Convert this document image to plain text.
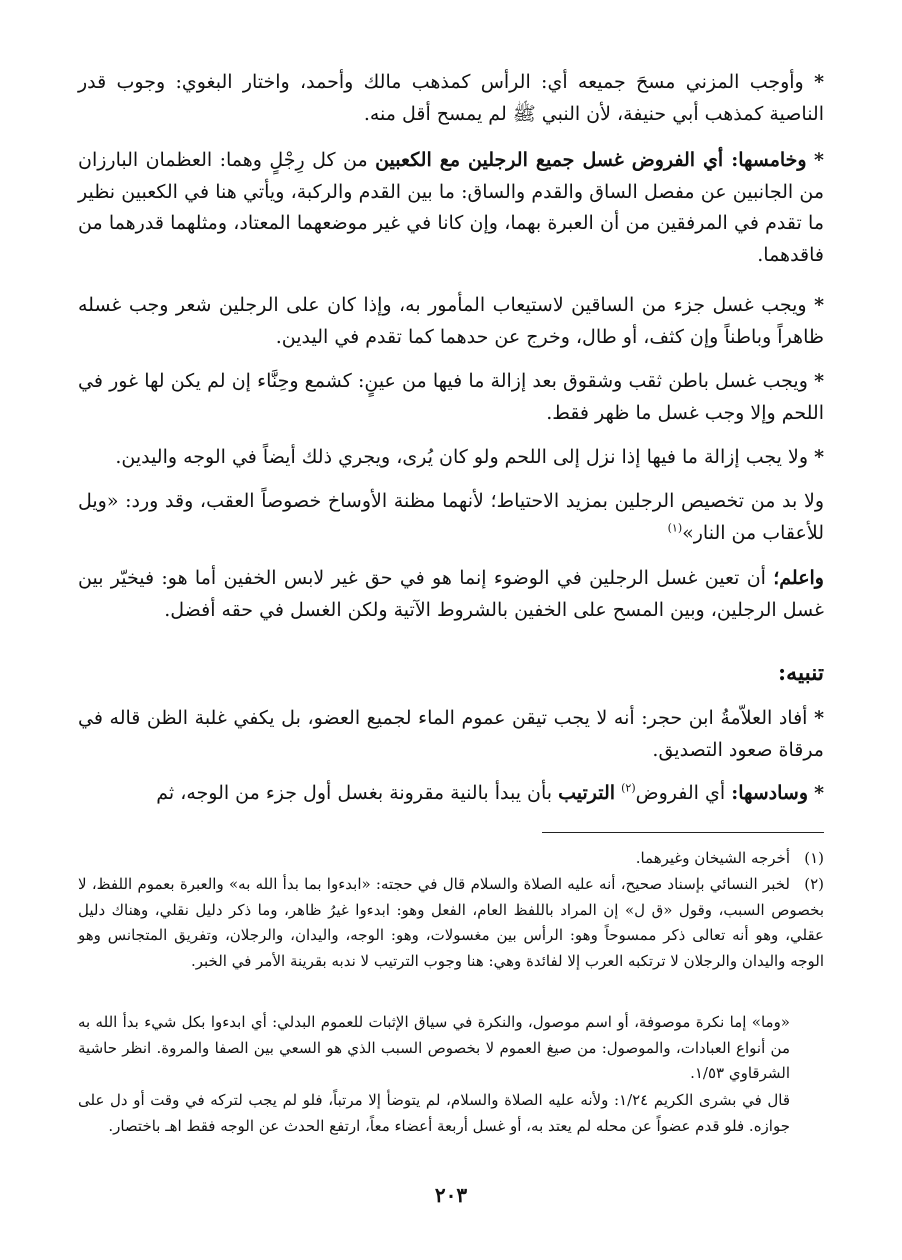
* وأوجب المزني مسحَ جميعه أي: الرأس كمذهب مالك وأحمد، واختار البغوي: وجوب قدر الناصية كمذهب أبي حنيفة، لأن النبي ﷺ لم يمسح أقل منه.

* وخامسها: أي الفروض غسل جميع الرجلين مع الكعبين من كل رِجْلٍ وهما: العظمان البارزان من الجانبين عن مفصل الساق والقدم والساق: ما بين القدم والركبة، ويأتي هنا في الكعبين نظير ما تقدم في المرفقين من أن العبرة بهما، وإن كانا في غير موضعهما المعتاد، ومثلهما قدرهما من فاقدهما.

* ويجب غسل جزء من الساقين لاستيعاب المأمور به، وإذا كان على الرجلين شعر وجب غسله ظاهراً وباطناً وإن كثف، أو طال، وخرج عن حدهما كما تقدم في اليدين.

* ويجب غسل باطن ثقب وشقوق بعد إزالة ما فيها من عينٍ: كشمع وحِنَّاء إن لم يكن لها غور في اللحم وإلا وجب غسل ما ظهر فقط.

* ولا يجب إزالة ما فيها إذا نزل إلى اللحم ولو كان يُرى، ويجري ذلك أيضاً في الوجه واليدين.

ولا بد من تخصيص الرجلين بمزيد الاحتياط؛ لأنهما مظنة الأوساخ خصوصاً العقب، وقد ورد: «ويل للأعقاب من النار»$^{(١)}$

واعلم؛ أن تعين غسل الرجلين في الوضوء إنما هو في حق غير لابس الخفين أما هو: فيخيّر بين غسل الرجلين، وبين المسح على الخفين بالشروط الآتية ولكن الغسل في حقه أفضل.

تنبيه:

* أفاد العلاّمةُ ابن حجر: أنه لا يجب تيقن عموم الماء لجميع العضو، بل يكفي غلبة الظن قاله في مرقاة صعود التصديق.

* وسادسها: أي الفروض$^{(٢)}$ الترتيب بأن يبدأ بالنية مقرونة بغسل أول جزء من الوجه، ثم

(١)أخرجه الشيخان وغيرهما.
(٢)لخبر النسائي بإسناد صحيح، أنه عليه الصلاة والسلام قال في حجته: «ابدءوا بما بدأ الله به» والعبرة بعموم اللفظ، لا بخصوص السبب، وقول «ق ل» إن المراد باللفظ العام، الفعل وهو: ابدءوا غيرُ ظاهر، وما ذكر دليل نقلي، وهناك دليل عقلي، وهو أنه تعالى ذكر ممسوحاً وهو: الرأس بين مغسولات، وهو: الوجه، واليدان، والرجلان، وتفريق المتجانس وهو الوجه واليدان والرجلان لا ترتكبه العرب إلا لفائدة وهي: هنا وجوب الترتيب لا ندبه بقرينة الأمر في الخبر.
«وما» إما نكرة موصوفة، أو اسم موصول، والنكرة في سياق الإثبات للعموم البدلي: أي ابدءوا بكل شيء بدأ الله به من أنواع العبادات، والموصول: من صيغ العموم لا بخصوص السبب الذي هو السعي بين الصفا والمروة. انظر حاشية الشرقاوي ١/٥٣.
قال في بشرى الكريم ١/٢٤: ولأنه عليه الصلاة والسلام، لم يتوضأ إلا مرتباً، فلو لم يجب لتركه في وقت أو دل على جوازه. فلو قدم عضواً عن محله لم يعتد به، أو غسل أربعة أعضاء معاً، ارتفع الحدث عن الوجه فقط اهـ باختصار.
٢٠٣
